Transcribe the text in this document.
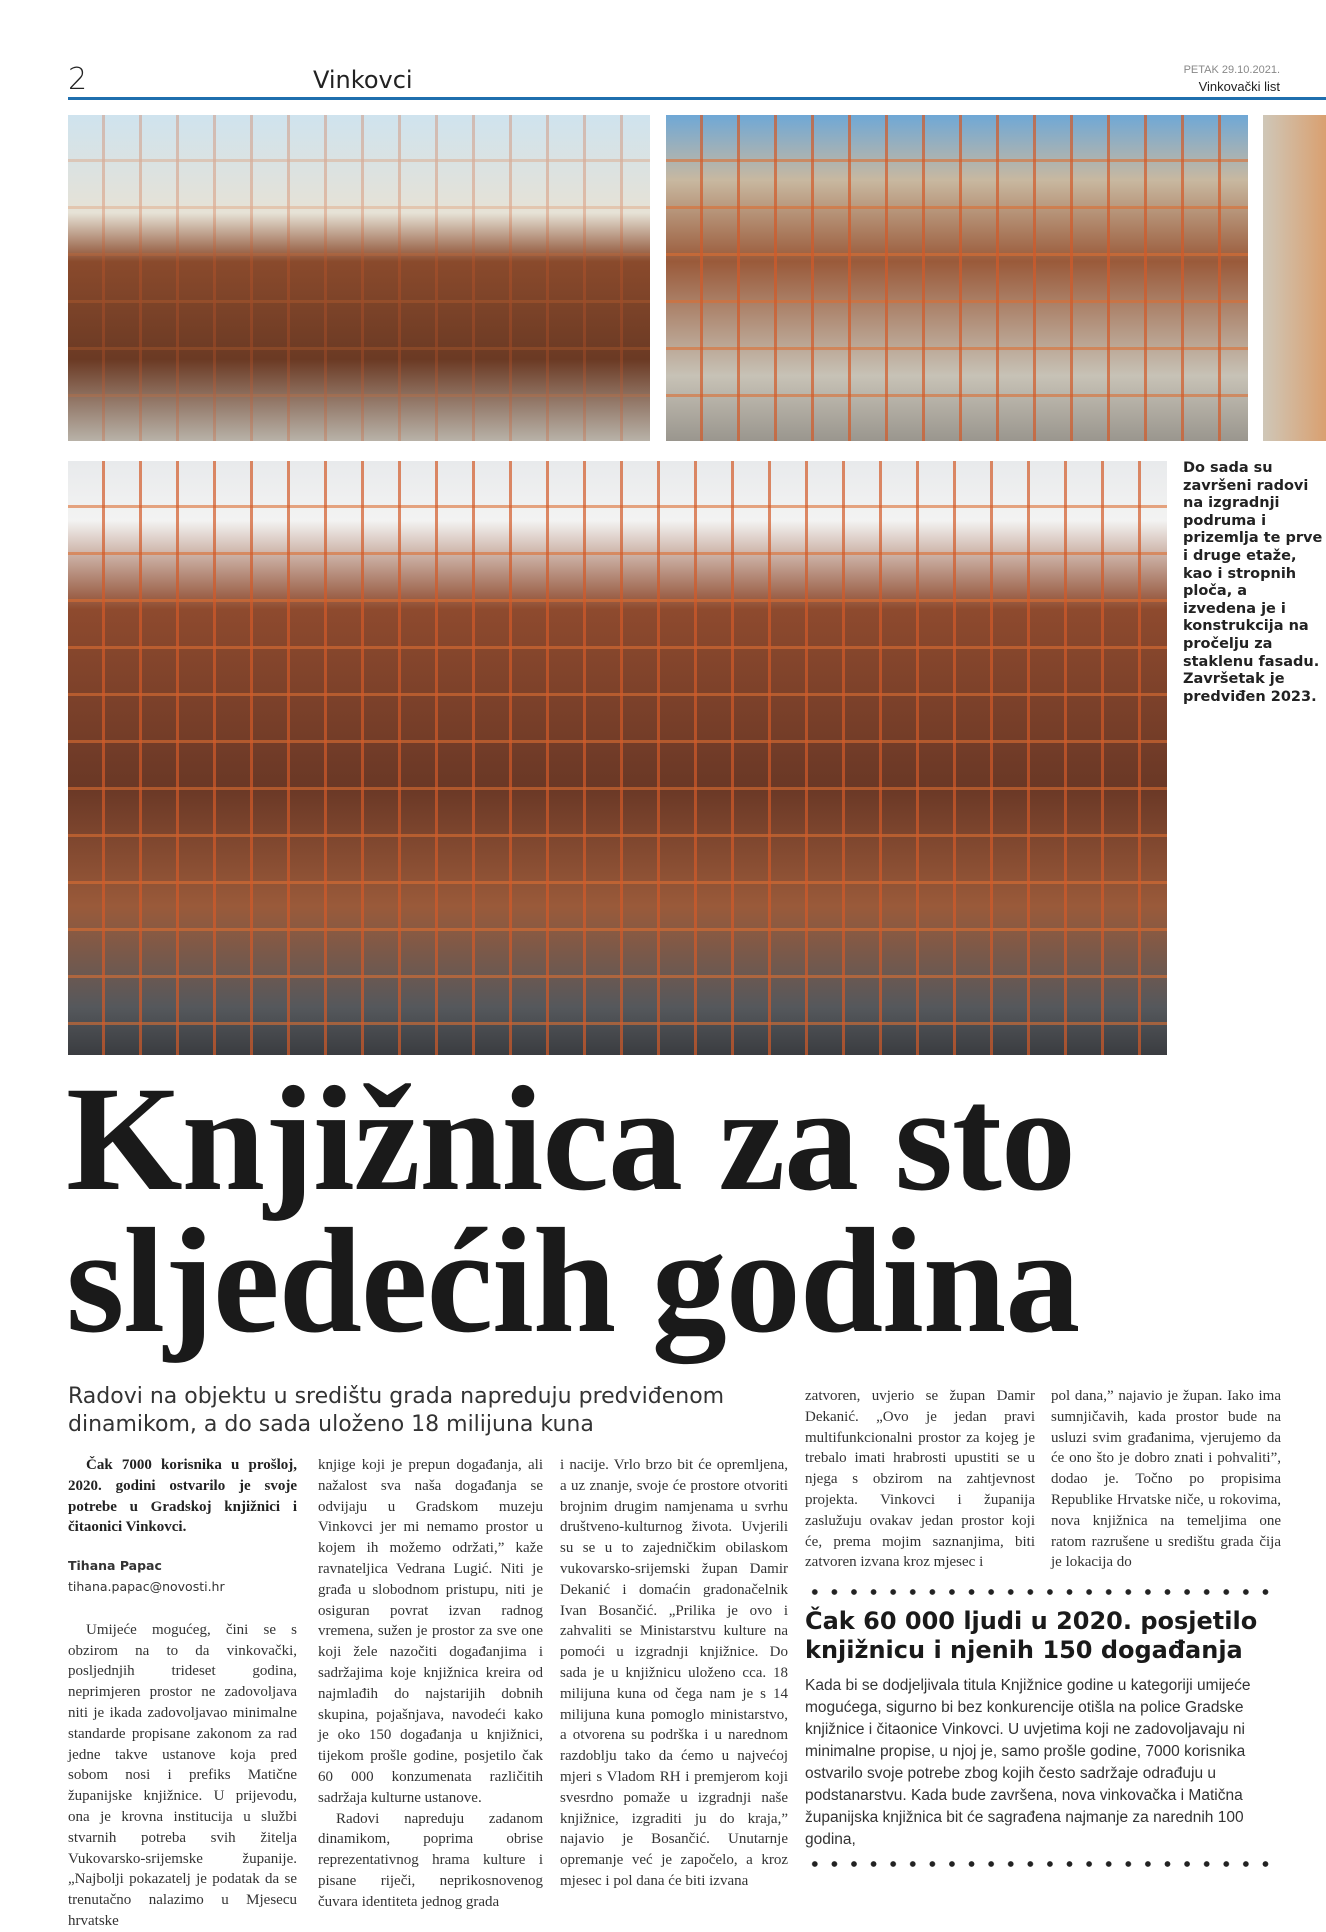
2	Vinkovci	PETAK 29.10.2021.
Vinkovački list
Do sada su završeni radovi na izgradnji podruma i prizemlja te prve i druge etaže, kao i stropnih ploča, a izvedena je i konstrukcija na pročelju za staklenu fasadu. Završetak je predviđen 2023.
Knjižnica za sto
sljedećih godina
Radovi na objektu u središtu grada napreduju predviđenom dinamikom, a do sada uloženo 18 milijuna kuna

Čak 7000 korisnika u prošloj, 2020. godini ostvarilo je svoje potrebe u Gradskoj knjižnici i čitaonici Vinkovci.

Tihana Papac
tihana.papac@novosti.hr

Umijeće mogućeg, čini se s obzirom na to da vinkovački, posljednjih trideset godina, neprimjeren prostor ne zadovoljava niti je ikada zadovoljavao minimalne standarde propisane zakonom za rad jedne takve ustanove koja pred sobom nosi i prefiks Matične županijske knjižnice. U prijevodu, ona je krovna institucija u službi stvarnih potreba svih žitelja Vukovarsko-srijemske županije.„Najbolji pokazatelj je podatak da se trenutačno nalazimo u Mjesecu hrvatske

knjige koji je prepun događanja, ali nažalost sva naša događanja se odvijaju u Gradskom muzeju Vinkovci jer mi nemamo prostor u kojem ih možemo održati,” kaže ravnateljica Vedrana Lugić. Niti je građa u slobodnom pristupu, niti je osiguran povrat izvan radnog vremena, sužen je prostor za sve one koji žele nazočiti događanjima i sadržajima koje knjižnica kreira od najmlađih do najstarijih dobnih skupina, pojašnjava, navodeći kako je oko 150 događanja u knjižnici, tijekom prošle godine, posjetilo čak 60 000 konzumenata različitih sadržaja kulturne ustanove.

Radovi napreduju zadanom dinamikom, poprima obrise reprezentativnog hrama kulture i pisane riječi, neprikosnovenog čuvara identiteta jednog grada

i nacije. Vrlo brzo bit će opremljena, a uz znanje, svoje će prostore otvoriti brojnim drugim namjenama u svrhu društveno-kulturnog života. Uvjerili su se u to zajedničkim obilaskom vukovarsko-srijemski župan Damir Dekanić i domaćin gradonačelnik Ivan Bosančić. „Prilika je ovo i zahvaliti se Ministarstvu kulture na pomoći u izgradnji knjižnice. Do sada je u knjižnicu uloženo cca. 18 milijuna kuna od čega nam je s 14 milijuna kuna pomoglo ministarstvo, a otvorena su podrška i u narednom razdoblju tako da ćemo u najvećoj mjeri s Vladom RH i premjerom koji svesrdno pomaže u izgradnji naše knjižnice, izgraditi ju do kraja,” najavio je Bosančić. Unutarnje opremanje već je započelo, a kroz mjesec i pol dana će biti izvana

zatvoren, uvjerio se župan Damir Dekanić. „Ovo je jedan pravi multifunkcionalni prostor za kojeg je trebalo imati hrabrosti upustiti se u njega s obzirom na zahtjevnost projekta. Vinkovci i županija zaslužuju ovakav jedan prostor koji će, prema mojim saznanjima, biti zatvoren izvana kroz mjesec i

pol dana,” najavio je župan. Iako ima sumnjičavih, kada prostor bude na usluzi svim građanima, vjerujemo da će ono što je dobro znati i pohvaliti”, dodao je. Točno po propisima Republike Hrvatske niče, u rokovima, nova knjižnica na temeljima one ratom razrušene u središtu grada čija je lokacija do

Čak 60 000 ljudi u 2020. posjetilo knjižnicu i njenih 150 događanja
Kada bi se dodjeljivala titula Knjižnice godine u kategoriji umijeće mogućega, sigurno bi bez konkurencije otišla na police Gradske knjižnice i čitaonice Vinkovci. U uvjetima koji ne zadovoljavaju ni minimalne propise, u njoj je, samo prošle godine, 7000 korisnika ostvarilo svoje potrebe zbog kojih često sadržaje odrađuju u podstanarstvu. Kada bude završena, nova vinkovačka i Matična županijska knjižnica bit će sagrađena najmanje za narednih 100 godina,
